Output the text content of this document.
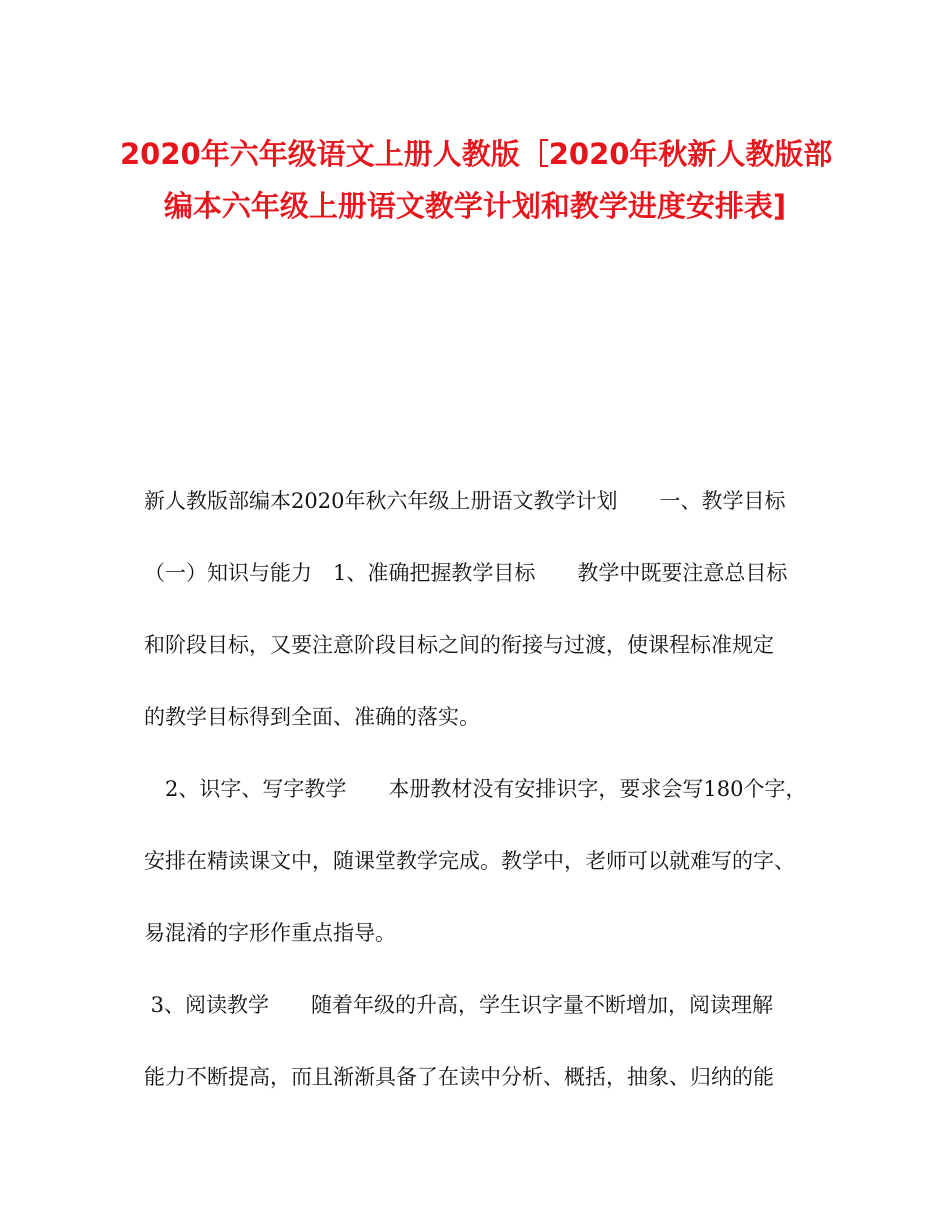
2020年六年级语文上册人教版［2020年秋新人教版部
编本六年级上册语文教学计划和教学进度安排表]
新人教版部编本2020年秋六年级上册语文教学计划　　一、教学目标
（一）知识与能力　1、准确把握教学目标　　教学中既要注意总目标
和阶段目标，又要注意阶段目标之间的衔接与过渡，使课程标准规定
的教学目标得到全面、准确的落实。
　2、识字、写字教学　　本册教材没有安排识字，要求会写180个字，
安排在精读课文中，随课堂教学完成。教学中，老师可以就难写的字、
易混淆的字形作重点指导。
3、阅读教学　　随着年级的升高，学生识字量不断增加，阅读理解
能力不断提高，而且渐渐具备了在读中分析、概括，抽象、归纳的能
